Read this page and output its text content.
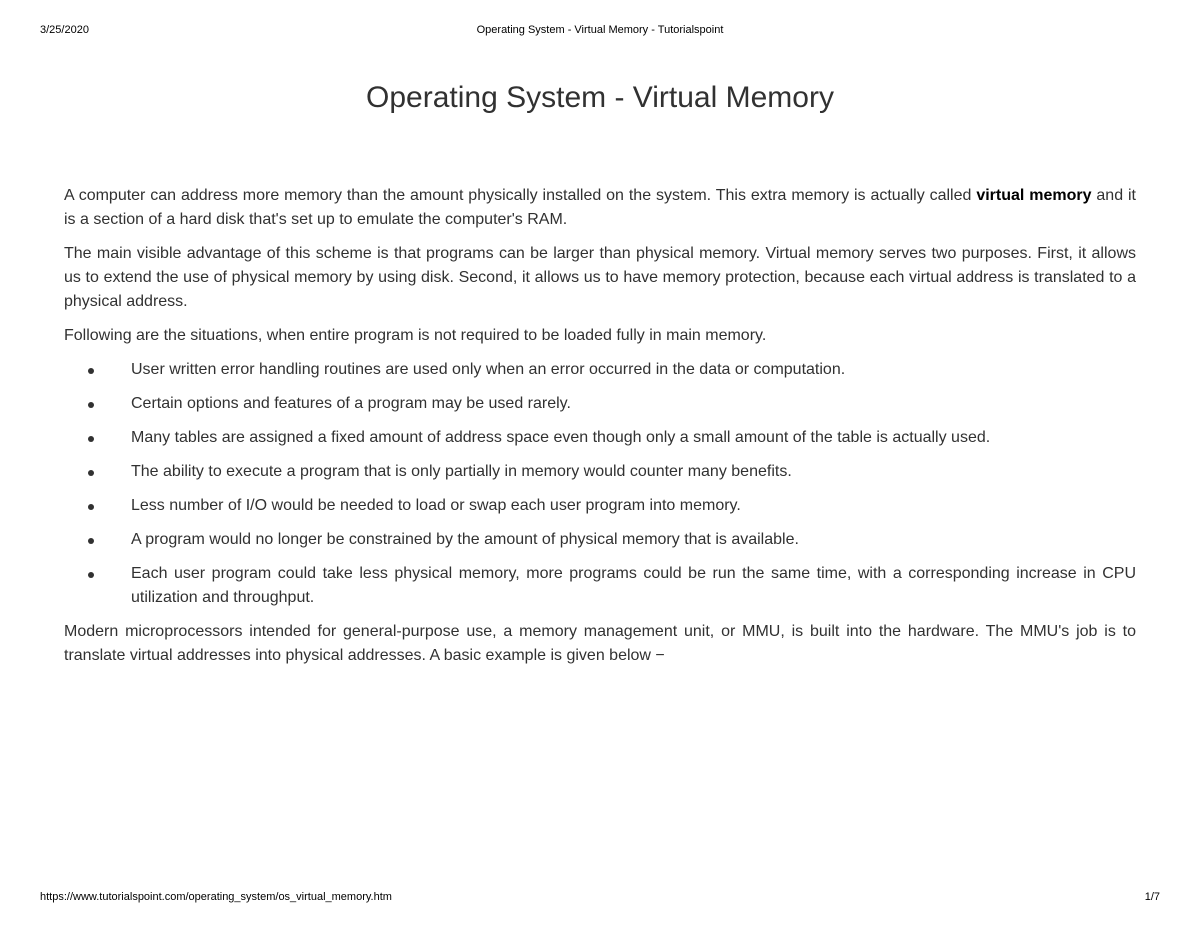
3/25/2020	Operating System - Virtual Memory - Tutorialspoint
Operating System - Virtual Memory

A computer can address more memory than the amount physically installed on the system. This extra memory is actually called virtual memory and it is a section of a hard disk that's set up to emulate the computer's RAM.

The main visible advantage of this scheme is that programs can be larger than physical memory. Virtual memory serves two purposes. First, it allows us to extend the use of physical memory by using disk. Second, it allows us to have memory protection, because each virtual address is translated to a physical address.

Following are the situations, when entire program is not required to be loaded fully in main memory.

User written error handling routines are used only when an error occurred in the data or computation.
Certain options and features of a program may be used rarely.
Many tables are assigned a fixed amount of address space even though only a small amount of the table is actually used.
The ability to execute a program that is only partially in memory would counter many benefits.
Less number of I/O would be needed to load or swap each user program into memory.
A program would no longer be constrained by the amount of physical memory that is available.
Each user program could take less physical memory, more programs could be run the same time, with a corresponding increase in CPU utilization and throughput.

Modern microprocessors intended for general-purpose use, a memory management unit, or MMU, is built into the hardware. The MMU's job is to translate virtual addresses into physical addresses. A basic example is given below −

https://www.tutorialspoint.com/operating_system/os_virtual_memory.htm	1/7
